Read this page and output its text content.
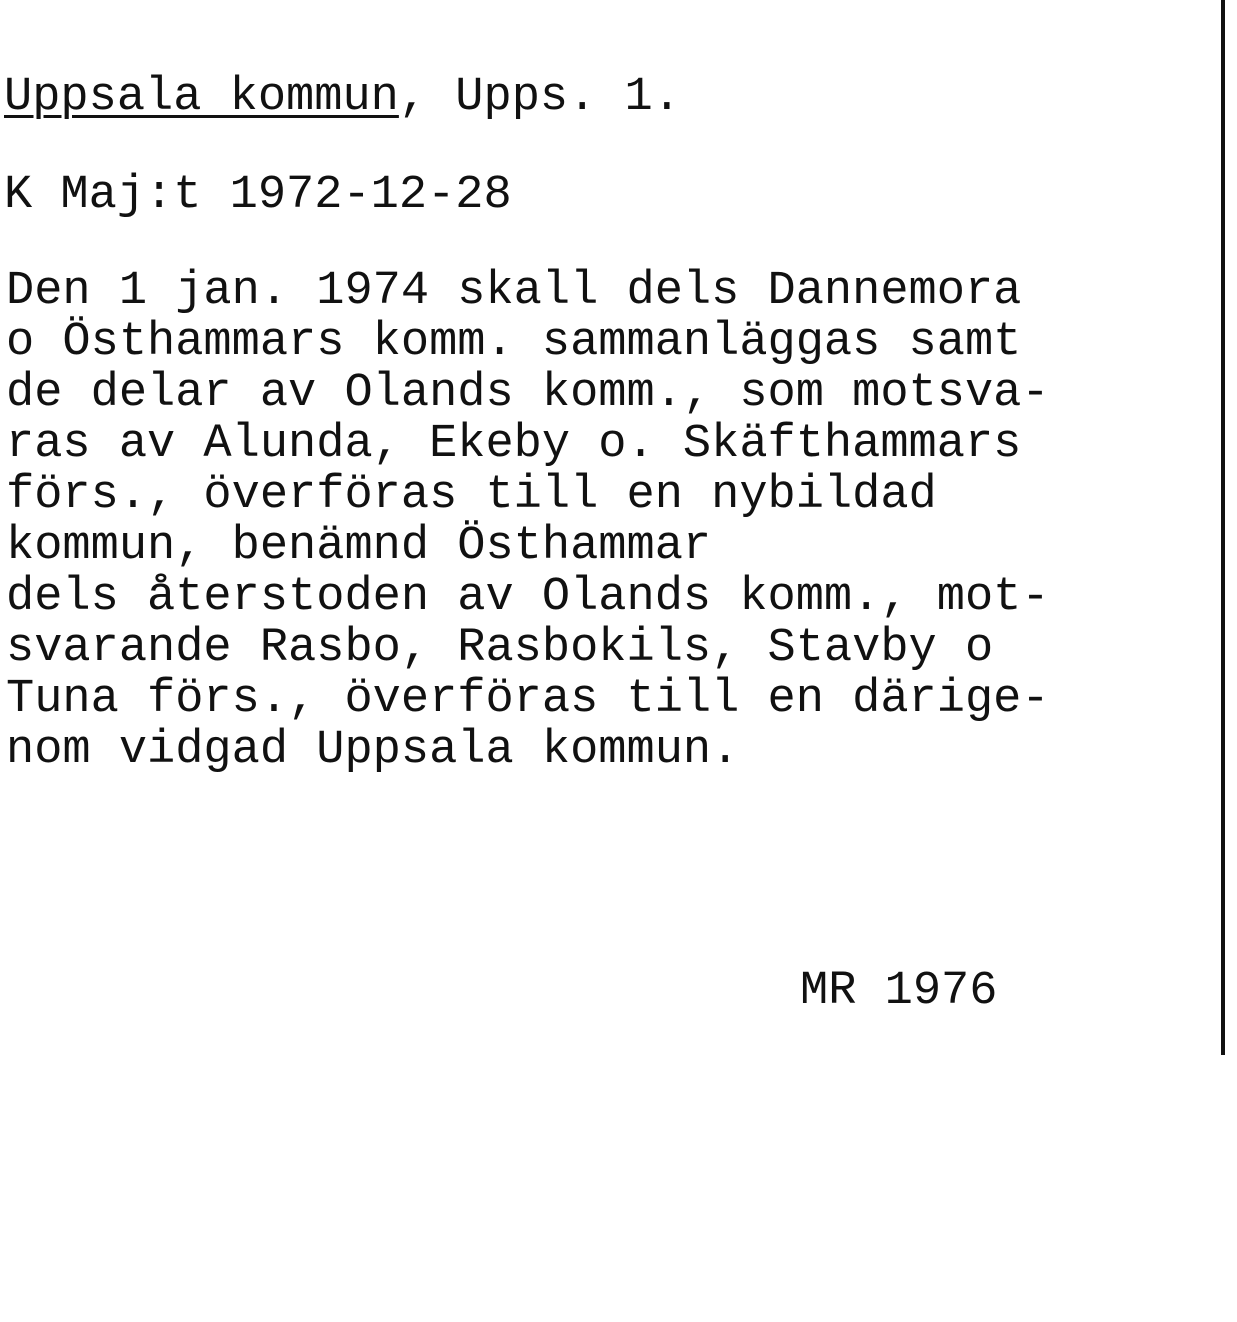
Uppsala kommun, Upps. 1.
K Maj:t 1972-12-28
Den 1 jan. 1974 skall dels Dannemora
o Östhammars komm. sammanläggas samt
de delar av Olands komm., som motsva-
ras av Alunda, Ekeby o. Skäfthammars
förs., överföras till en nybildad
kommun, benämnd Östhammar
dels återstoden av Olands komm., mot-
svarande Rasbo, Rasbokils, Stavby o
Tuna förs., överföras till en därige-
nom vidgad Uppsala kommun.
MR 1976
